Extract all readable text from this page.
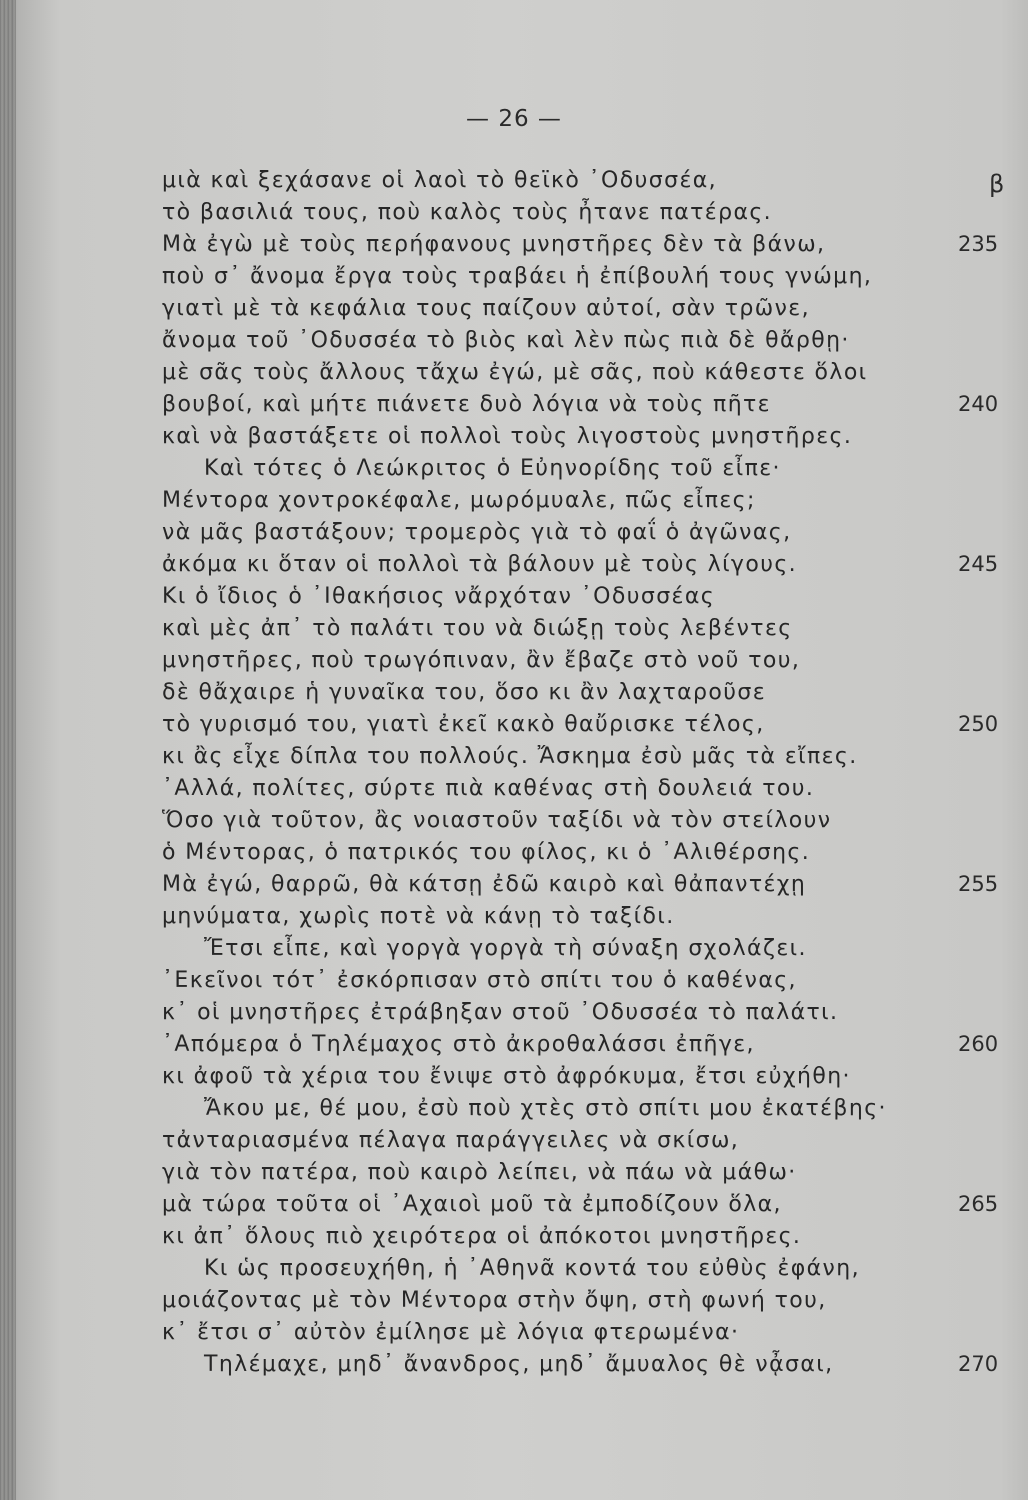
— 26 —
β
μιὰ καὶ ξεχάσανε οἱ λαοὶ τὸ θεϊκὸ ᾿Οδυσσέα,
τὸ βασιλιά τους, ποὺ καλὸς τοὺς ἦτανε πατέρας.
Μὰ ἐγὼ μὲ τοὺς περήφανους μνηστῆρες δὲν τὰ βάνω,
ποὺ σ᾿ ἄνομα ἔργα τοὺς τραβάει ἡ ἐπίβουλή τους γνώμη,
γιατὶ μὲ τὰ κεφάλια τους παίζουν αὐτοί, σὰν τρῶνε,
ἄνομα τοῦ ᾿Οδυσσέα τὸ βιὸς καὶ λὲν πὼς πιὰ δὲ θἄρθῃ·
μὲ σᾶς τοὺς ἄλλους τἄχω ἐγώ, μὲ σᾶς, ποὺ κάθεστε ὅλοι
βουβοί, καὶ μήτε πιάνετε δυὸ λόγια νὰ τοὺς πῆτε
καὶ νὰ βαστάξετε οἱ πολλοὶ τοὺς λιγοστοὺς μνηστῆρες.
Καὶ τότες ὁ Λεώκριτος ὁ Εὐηνορίδης τοῦ εἶπε·
Μέντορα χοντροκέφαλε, μωρόμυαλε, πῶς εἶπες;
νὰ μᾶς βαστάξουν; τρομερὸς γιὰ τὸ φαΐ ὁ ἀγῶνας,
ἀκόμα κι ὅταν οἱ πολλοὶ τὰ βάλουν μὲ τοὺς λίγους.
Κι ὁ ἴδιος ὁ ᾿Ιθακήσιος νἄρχόταν ᾿Οδυσσέας
καὶ μὲς ἀπ᾿ τὸ παλάτι του νὰ διώξῃ τοὺς λεβέντες
μνηστῆρες, ποὺ τρωγόπιναν, ἂν ἔβαζε στὸ νοῦ του,
δὲ θἄχαιρε ἡ γυναῖκα του, ὅσο κι ἂν λαχταροῦσε
τὸ γυρισμό του, γιατὶ ἐκεῖ κακὸ θαὔρισκε τέλος,
κι ἂς εἶχε δίπλα του πολλούς. Ἄσκημα ἐσὺ μᾶς τὰ εἴπες.
᾿Αλλά, πολίτες, σύρτε πιὰ καθένας στὴ δουλειά του.
Ὅσο γιὰ τοῦτον, ἂς νοιαστοῦν ταξίδι νὰ τὸν στείλουν
ὁ Μέντορας, ὁ πατρικός του φίλος, κι ὁ ᾿Αλιθέρσης.
Μὰ ἐγώ, θαρρῶ, θὰ κάτσῃ ἐδῶ καιρὸ καὶ θἀπαντέχῃ
μηνύματα, χωρὶς ποτὲ νὰ κάνῃ τὸ ταξίδι.
Ἔτσι εἶπε, καὶ γοργὰ γοργὰ τὴ σύναξη σχολάζει.
᾿Εκεῖνοι τότ᾿ ἐσκόρπισαν στὸ σπίτι του ὁ καθένας,
κ᾿ οἱ μνηστῆρες ἐτράβηξαν στοῦ ᾿Οδυσσέα τὸ παλάτι.
᾿Απόμερα ὁ Τηλέμαχος στὸ ἀκροθαλάσσι ἐπῆγε,
κι ἀφοῦ τὰ χέρια του ἔνιψε στὸ ἀφρόκυμα, ἔτσι εὐχήθη·
Ἄκου με, θέ μου, ἐσὺ ποὺ χτὲς στὸ σπίτι μου ἐκατέβης·
τἀνταριασμένα πέλαγα παράγγειλες νὰ σκίσω,
γιὰ τὸν πατέρα, ποὺ καιρὸ λείπει, νὰ πάω νὰ μάθω·
μὰ τώρα τοῦτα οἱ ᾿Αχαιοὶ μοῦ τὰ ἐμποδίζουν ὅλα,
κι ἀπ᾿ ὅλους πιὸ χειρότερα οἱ ἀπόκοτοι μνηστῆρες.
Κι ὡς προσευχήθη, ἡ ᾿Αθηνᾶ κοντά του εὐθὺς ἐφάνη,
μοιάζοντας μὲ τὸν Μέντορα στὴν ὄψη, στὴ φωνή του,
κ᾿ ἔτσι σ᾿ αὐτὸν ἐμίλησε μὲ λόγια φτερωμένα·
Τηλέμαχε, μηδ᾿ ἄνανδρος, μηδ᾿ ἄμυαλος θὲ νᾆσαι,
235
240
245
250
255
260
265
270
